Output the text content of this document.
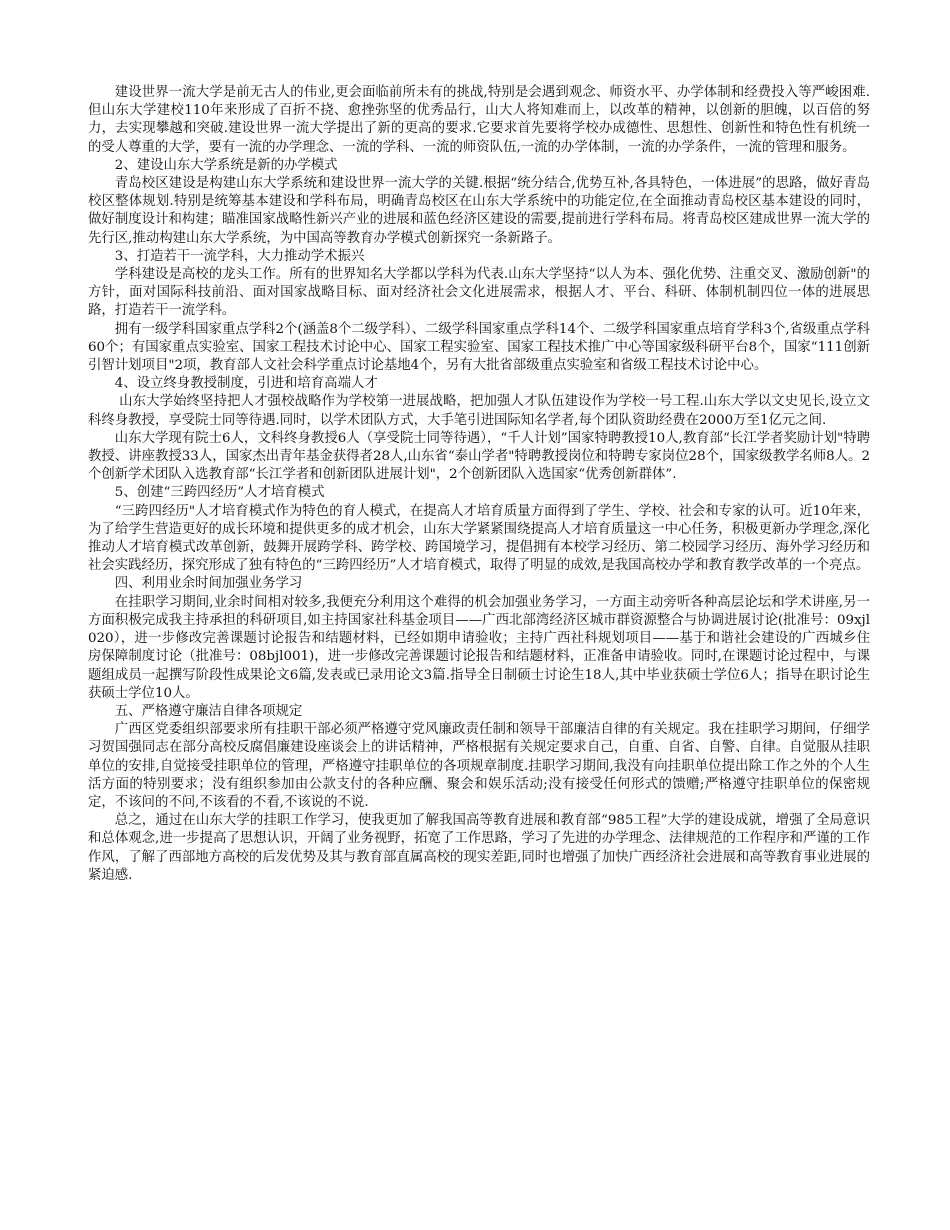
建设世界一流大学是前无古人的伟业,更会面临前所未有的挑战,特别是会遇到观念、师资水平、办学体制和经费投入等严峻困难.但山东大学建校110年来形成了百折不挠、愈挫弥坚的优秀品行，山大人将知难而上，以改革的精神，以创新的胆魄，以百倍的努力，去实现攀越和突破.建设世界一流大学提出了新的更高的要求.它要求首先要将学校办成德性、思想性、创新性和特色性有机统一的受人尊重的大学，要有一流的办学理念、一流的学科、一流的师资队伍,一流的办学体制，一流的办学条件，一流的管理和服务。

2、建设山东大学系统是新的办学模式

青岛校区建设是构建山东大学系统和建设世界一流大学的关键.根据“统分结合,优势互补,各具特色，一体进展”的思路，做好青岛校区整体规划.特别是统筹基本建设和学科布局，明确青岛校区在山东大学系统中的功能定位,在全面推动青岛校区基本建设的同时，做好制度设计和构建；瞄准国家战略性新兴产业的进展和蓝色经济区建设的需要,提前进行学科布局。将青岛校区建成世界一流大学的先行区,推动构建山东大学系统，为中国高等教育办学模式创新探究一条新路子。

3、打造若干一流学科，大力推动学术振兴

学科建设是高校的龙头工作。所有的世界知名大学都以学科为代表.山东大学坚持“以人为本、强化优势、注重交叉、激励创新"的方针，面对国际科技前沿、面对国家战略目标、面对经济社会文化进展需求，根据人才、平台、科研、体制机制四位一体的进展思路，打造若干一流学科。

拥有一级学科国家重点学科2个(涵盖8个二级学科）、二级学科国家重点学科14个、二级学科国家重点培育学科3个,省级重点学科60个；有国家重点实验室、国家工程技术讨论中心、国家工程实验室、国家工程技术推广中心等国家级科研平台8个，国家“111创新引智计划项目"2项，教育部人文社会科学重点讨论基地4个，另有大批省部级重点实验室和省级工程技术讨论中心。

4、设立终身教授制度，引进和培育高端人才

山东大学始终坚持把人才强校战略作为学校第一进展战略，把加强人才队伍建设作为学校一号工程.山东大学以文史见长,设立文科终身教授，享受院士同等待遇.同时，以学术团队方式，大手笔引进国际知名学者,每个团队资助经费在2000万至1亿元之间.

山东大学现有院士6人，文科终身教授6人（享受院士同等待遇），“千人计划”国家特聘教授10人,教育部“长江学者奖励计划"特聘教授、讲座教授33人，国家杰出青年基金获得者28人,山东省“泰山学者"特聘教授岗位和特聘专家岗位28个，国家级教学名师8人。2个创新学术团队入选教育部“长江学者和创新团队进展计划"，2个创新团队入选国家“优秀创新群体”.

5、创建“三跨四经历”人才培育模式

“三跨四经历"人才培育模式作为特色的育人模式，在提高人才培育质量方面得到了学生、学校、社会和专家的认可。近10年来，为了给学生营造更好的成长环境和提供更多的成才机会，山东大学紧紧围绕提高人才培育质量这一中心任务，积极更新办学理念,深化推动人才培育模式改革创新，鼓舞开展跨学科、跨学校、跨国境学习，提倡拥有本校学习经历、第二校园学习经历、海外学习经历和社会实践经历，探究形成了独有特色的“三跨四经历”人才培育模式，取得了明显的成效,是我国高校办学和教育教学改革的一个亮点。

四、利用业余时间加强业务学习

在挂职学习期间,业余时间相对较多,我便充分利用这个难得的机会加强业务学习，一方面主动旁听各种高层论坛和学术讲座,另一方面积极完成我主持承担的科研项目,如主持国家社科基金项目——广西北部湾经济区城市群资源整合与协调进展讨论(批准号：09xjl020），进一步修改完善课题讨论报告和结题材料，已经如期申请验收；主持广西社科规划项目——基于和谐社会建设的广西城乡住房保障制度讨论（批准号：08bjl001)，进一步修改完善课题讨论报告和结题材料，正准备申请验收。同时,在课题讨论过程中，与课题组成员一起撰写阶段性成果论文6篇,发表或已录用论文3篇.指导全日制硕士讨论生18人,其中毕业获硕士学位6人；指导在职讨论生获硕士学位10人。

五、严格遵守廉洁自律各项规定

广西区党委组织部要求所有挂职干部必须严格遵守党风廉政责任制和领导干部廉洁自律的有关规定。我在挂职学习期间，仔细学习贺国强同志在部分高校反腐倡廉建设座谈会上的讲话精神，严格根据有关规定要求自己，自重、自省、自警、自律。自觉服从挂职单位的安排,自觉接受挂职单位的管理，严格遵守挂职单位的各项规章制度.挂职学习期间,我没有向挂职单位提出除工作之外的个人生活方面的特别要求；没有组织参加由公款支付的各种应酬、聚会和娱乐活动;没有接受任何形式的馈赠;严格遵守挂职单位的保密规定，不该问的不问,不该看的不看,不该说的不说.

总之，通过在山东大学的挂职工作学习，使我更加了解我国高等教育进展和教育部“985工程”大学的建设成就，增强了全局意识和总体观念,进一步提高了思想认识，开阔了业务视野，拓宽了工作思路，学习了先进的办学理念、法律规范的工作程序和严谨的工作作风，了解了西部地方高校的后发优势及其与教育部直属高校的现实差距,同时也增强了加快广西经济社会进展和高等教育事业进展的紧迫感.
